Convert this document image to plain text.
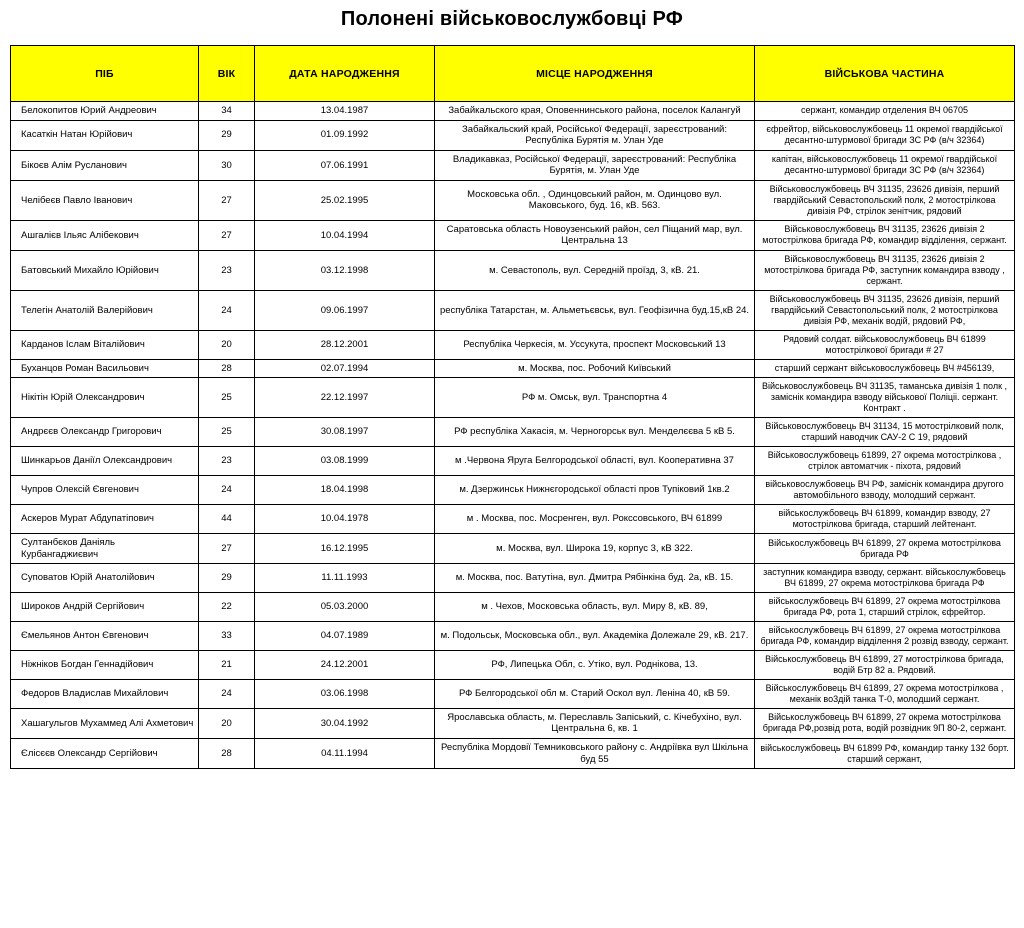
Полонені військовослужбовці РФ
ПІБ	ВІК	ДАТА НАРОДЖЕННЯ	МІСЦЕ НАРОДЖЕННЯ	ВІЙСЬКОВА ЧАСТИНА
Белокопитов Юрий Андреович	34	13.04.1987	Забайкальского края, Оповеннинського района, поселок Калангуй	сержант, командир отделения ВЧ 06705
Касаткін Натан Юрійович	29	01.09.1992	Забайкальский край, Російської Федерації, зареєстрований: Республіка Бурятія м. Улан Уде	єфрейтор, військовослужбовець 11 окремої гвардійської десантно-штурмової бригади ЗС РФ (в/ч 32364)
Бікоєв Алім Русланович	30	07.06.1991	Владикавказ, Російської Федерації, зареєстрований: Республіка Бурятія, м. Улан Уде	капітан, військовослужбовець 11 окремої гвардійської десантно-штурмової бригади ЗС РФ (в/ч 32364)
Челібеєв Павло Іванович	27	25.02.1995	Московська обл. , Одинцовський район, м. Одинцово вул. Маковського, буд. 16, кВ. 563.	Військовослужбовець ВЧ 31135, 23626 дивізія, перший гвардійський Севастопольский полк, 2 мотострілкова дивізія РФ, стрілок зенітчик, рядовий
Ашгалієв Ільяс Алібекович	27	10.04.1994	Саратовська область Новоузенський район, сел Піщаний мар, вул. Центральна 13	Військовослужбовець ВЧ 31135, 23626 дивізія 2 мотострілкова бригада РФ, командир відділення, сержант.
Батовський Михайло Юрійович	23	03.12.1998	м. Севастополь, вул. Середній проїзд, 3, кВ. 21.	Військовослужбовець ВЧ 31135, 23626 дивізія 2 мотострілкова бригада РФ, заступник командира взводу , сержант.
Телегін Анатолій Валерійович	24	09.06.1997	республіка Татарстан, м. Альметьєвськ, вул. Геофізична буд.15,кВ 24.	Військовослужбовець ВЧ 31135, 23626 дивізія, перший гвардійський Севастопольський полк, 2 мотострілкова дивізія РФ, механік водій, рядовий РФ,
Карданов Іслам Віталійович	20	28.12.2001	Республіка Черкесія, м. Уссукута, проспект Московський 13	Рядовий солдат. військовослужбовець ВЧ 61899 мотострілкової бригади # 27
Буханцов Роман Васильович	28	02.07.1994	м. Москва, пос. Робочий Київський	старший сержант військовослужбовець ВЧ #456139,
Нікітін Юрій Олександрович	25	22.12.1997	РФ м. Омськ, вул. Транспортна 4	Військовослужбовець ВЧ 31135, таманська дивізія 1 полк , заміснік командира взводу військової Поліціі. сержант. Контракт .
Андрєєв Олександр Григорович	25	30.08.1997	РФ республіка Хакасія, м. Черногорськ вул. Менделєєва 5 кВ 5.	Військовослужбовець ВЧ 31134, 15 мотострілковий полк, старший наводчик САУ-2 С 19, рядовий
Шинкарьов Даніїл Олександрович	23	03.08.1999	м .Червона Яруга Белгородської області, вул. Кооперативна 37	Військовослужбовець 61899, 27 окрема мотострілкова , стрілок автоматчик - піхота, рядовий
Чупров Олексій Євгенович	24	18.04.1998	м. Дзержинськ Нижнєгородської області пров Тупіковий 1кв.2	військовослужбовець ВЧ РФ, заміснік командира другого автомобільного взводу, молодший сержант.
Аскеров Мурат Абдупатіпович	44	10.04.1978	м . Москва, пос. Мосренген, вул. Рокссовського, ВЧ 61899	військослужбовець ВЧ 61899, командир взводу, 27 мотострілкова бригада, старший лейтенант.
Султанбєков Даніяль Курбангаджиєвич	27	16.12.1995	м. Москва, вул. Широка 19, корпус 3, кВ 322.	Військослужбовець ВЧ 61899, 27 окрема мотострілкова бригада РФ
Суповатов Юрій Анатолійович	29	11.11.1993	м. Москва, пос. Ватутіна, вул. Дмитра Рябінкіна буд. 2а, кВ. 15.	заступник командира взводу, сержант. військослужбовець ВЧ 61899, 27 окрема мотострілкова бригада РФ
Широков Андрій Сергійович	22	05.03.2000	м . Чехов, Московська область, вул. Миру 8, кВ. 89,	військослужбовець ВЧ 61899, 27 окрема мотострілкова бригада РФ, рота 1, старший стрілок, єфрейтор.
Ємельянов Антон Євгенович	33	04.07.1989	м. Подольськ, Московська обл., вул. Академіка Долежале 29, кВ. 217.	військослужбовець ВЧ 61899, 27 окрема мотострілкова бригада РФ, командир відділення 2 розвід взводу, сержант.
Ніжніков Богдан Геннадійович	21	24.12.2001	РФ, Липецька Обл, с. Утіко, вул. Роднікова, 13.	Військослужбовець ВЧ 61899, 27 мотострілкова бригада, водій Бтр 82 а. Рядовий.
Федоров Владислав Михайлович	24	03.06.1998	РФ Белгородської обл м. Старий Оскол вул. Леніна 40, кВ 59.	Військослужбовець ВЧ 61899, 27 окрема мотострілкова , механік во3дій танка Т-0, молодший сержант.
Хашагульгов Мухаммед Алі Ахметович	20	30.04.1992	Ярославська область, м. Переславль Запіський, с. Кічебухіно, вул. Центральна 6, кв. 1	Військослужбовець ВЧ 61899, 27 окрема мотострілкова бригада РФ,розвід рота, водій розвідник 9П 80-2, сержант.
Єлісєєв Олександр Сергійович	28	04.11.1994	Республіка Мордовії Темниковського району с. Андріївка вул Шкільна буд 55	військослужбовець ВЧ 61899 РФ, командир танку 132 борт. старший сержант,
